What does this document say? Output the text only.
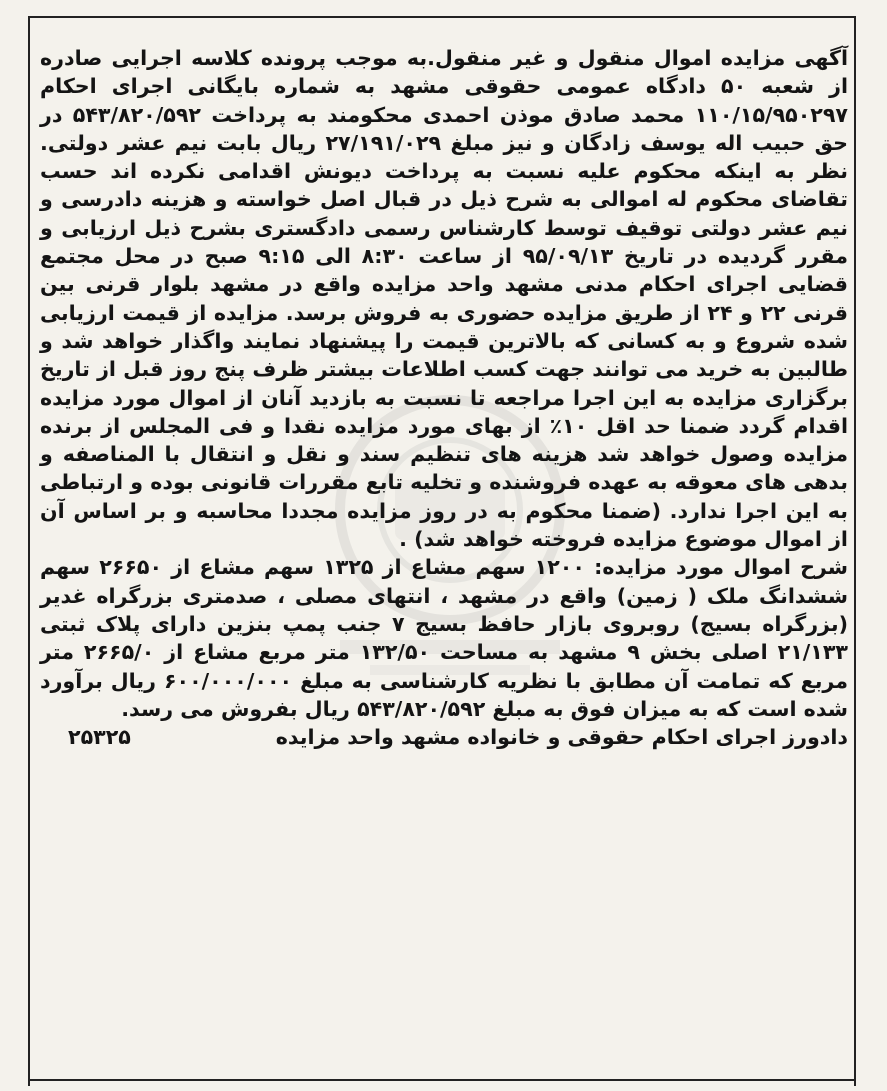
آگهی مزایده اموال منقول و غیر منقول.به موجب پرونده کلاسه اجرایی صادره از شعبه ۵۰ دادگاه عمومی حقوقی مشهد به شماره بایگانی اجرای احکام ۱۱۰/۱۵/۹۵۰۲۹۷ محمد صادق موذن احمدی محکومند به پرداخت ۵۴۳/۸۲۰/۵۹۲ در حق حبیب اله یوسف زادگان و نیز مبلغ ۲۷/۱۹۱/۰۲۹ ریال بابت نیم عشر دولتی. نظر به اینکه محکوم علیه نسبت به پرداخت دیونش اقدامی نکرده اند حسب تقاضای محکوم له اموالی به شرح ذیل در قبال اصل خواسته و هزینه دادرسی و نیم عشر دولتی توقیف توسط کارشناس رسمی دادگستری بشرح ذیل ارزیابی و مقرر گردیده در تاریخ ۹۵/۰۹/۱۳ از ساعت ۸:۳۰ الی ۹:۱۵ صبح در محل مجتمع قضایی اجرای احکام مدنی مشهد واحد مزایده واقع در مشهد بلوار قرنی بین قرنی ۲۲ و ۲۴ از طریق مزایده حضوری به فروش برسد. مزایده از قیمت ارزیابی شده شروع و به کسانی که بالاترین قیمت را پیشنهاد نمایند واگذار خواهد شد و طالبین به خرید می توانند جهت کسب اطلاعات بیشتر ظرف پنج روز قبل از تاریخ برگزاری مزایده به این اجرا مراجعه تا نسبت به بازدید آنان از اموال مورد مزایده اقدام گردد ضمنا حد اقل ۱۰٪ از بهای مورد مزایده نقدا و فی المجلس از برنده مزایده وصول خواهد شد هزینه های تنظیم سند و نقل و انتقال با المناصفه و بدهی های معوقه به عهده فروشنده و تخلیه تابع مقررات قانونی بوده و ارتباطی به این اجرا ندارد. (ضمنا محکوم به در روز مزایده مجددا محاسبه و بر اساس آن از اموال موضوع مزایده فروخته خواهد شد) .

شرح اموال مورد مزایده: ۱۲۰۰ سهم مشاع از ۱۳۲۵ سهم مشاع از ۲۶۶۵۰ سهم ششدانگ ملک ( زمین) واقع در مشهد ، انتهای مصلی ، صدمتری بزرگراه غدیر (بزرگراه بسیج) روبروی بازار حافظ بسیج ۷ جنب پمپ بنزین دارای پلاک ثبتی ۲۱/۱۳۳ اصلی بخش ۹ مشهد به مساحت ۱۳۲/۵۰ متر مربع مشاع از ۲۶۶۵/۰ متر مربع که تمامت آن مطابق با نظریه کارشناسی به مبلغ ۶۰۰/۰۰۰/۰۰۰ ریال برآورد شده است که به میزان فوق به مبلغ ۵۴۳/۸۲۰/۵۹۲ ریال بفروش می رسد.

دادورز اجرای احکام حقوقی و خانواده مشهد واحد مزایده
۲۵۳۲۵
